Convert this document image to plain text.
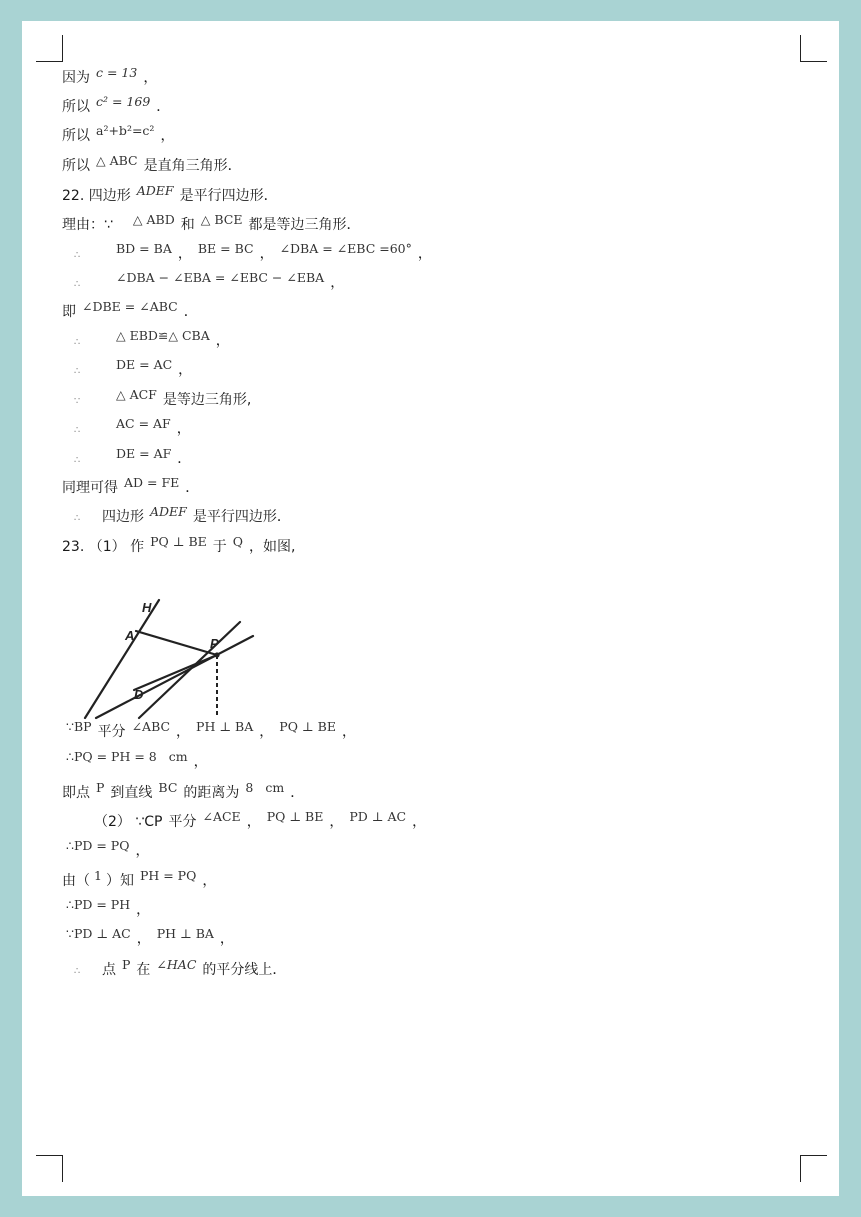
因为 c = 13 ，
所以 c² = 169 ．
所以 a²+b²=c² ，
所以 △ ABC 是直角三角形．
22. 四边形 ADEF 是平行四边形．
理由：∵ △ ABD 和 △ BCE 都是等边三角形．
∴	BD = BA ， BE = BC ， ∠DBA = ∠EBC =60° ，
∴	∠DBA − ∠EBA = ∠EBC − ∠EBA ，
即 ∠DBE = ∠ABC ．
∴	△ EBD≌△ CBA ，
∴	DE = AC ，
∵	△ ACF 是等边三角形,
∴	AC = AF ，
∴	DE = AF ．
同理可得 AD = FE ．
∴ 四边形 ADEF 是平行四边形．
23. （1） 作 PQ ⊥ BE 于 Q ，如图,
H
A
P
D
∵BP 平分 ∠ABC ， PH ⊥ BA ， PQ ⊥ BE ，
∴PQ = PH = 8 cm ，
即点 P 到直线 BC 的距离为 8 cm ．
（2） ∵CP 平分 ∠ACE ， PQ ⊥ BE ， PD ⊥ AC ，
∴PD = PQ ，
由（ 1 ）知 PH = PQ ，
∴PD = PH ，
∵PD ⊥ AC ， PH ⊥ BA ，
∴ 点 P 在 ∠HAC 的平分线上．
